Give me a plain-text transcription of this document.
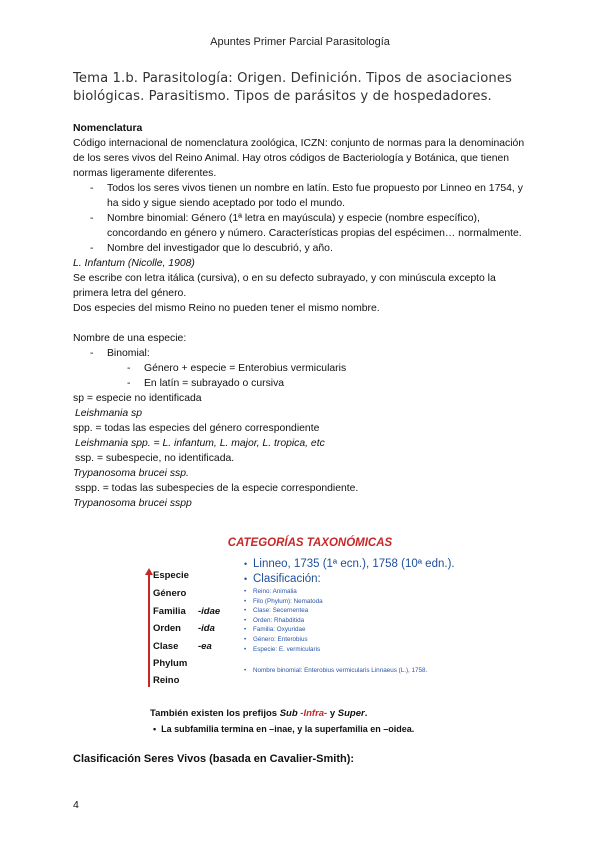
Apuntes Primer Parcial Parasitología
Tema 1.b. Parasitología: Origen. Definición. Tipos de asociaciones biológicas. Parasitismo. Tipos de parásitos y de hospedadores.

Nomenclatura

Código internacional de nomenclatura zoológica, ICZN: conjunto de normas para la denominación de los seres vivos del Reino Animal. Hay otros códigos de Bacteriología y Botánica, que tienen normas ligeramente diferentes.

-	Todos los seres vivos tienen un nombre en latín. Esto fue propuesto por Linneo en 1754, y ha sido y sigue siendo aceptado por todo el mundo.
-	Nombre binomial: Género (1ª letra en mayúscula) y especie (nombre específico), concordando en género y número. Características propias del espécimen… normalmente.
-	Nombre del investigador que lo descubrió, y año.

L. Infantum (Nicolle, 1908)

Se escribe con letra itálica (cursiva), o en su defecto subrayado, y con minúscula excepto la primera letra del género.

Dos especies del mismo Reino no pueden tener el mismo nombre.

Nombre de una especie:

-	Binomial:
-	Género + especie = Enterobius vermicularis
-	En latín = subrayado o cursiva

sp = especie no identificada

Leishmania sp

spp. = todas las especies del género correspondiente

Leishmania spp. = L. infantum, L. major, L. tropica, etc

ssp. = subespecie, no identificada.

Trypanosoma brucei ssp.

sspp. = todas las subespecies de la especie correspondiente.

Trypanosoma brucei sspp

CATEGORÍAS TAXONÓMICAS
Especie
Género
Familia -idae
Orden -ida
Clase -ea
Phylum
Reino
• Linneo, 1735 (1ª ecn.), 1758 (10ª edn.).
• Clasificación:
•	Reino: Animalia
•	Filo (Phylum): Nematoda
•	Clase: Secernentea
•	Orden: Rhabditida
•	Familia: Oxyuridae
•	Género: Enterobius
•	Especie: E. vermicularis
•	Nombre binomial: Enterobius vermicularis Linnaeus (L.), 1758.
También existen los prefijos Sub -Infra- y Super.
•  La subfamilia termina en –inae, y la superfamilia en –oidea.
Clasificación Seres Vivos (basada en Cavalier-Smith):
4
